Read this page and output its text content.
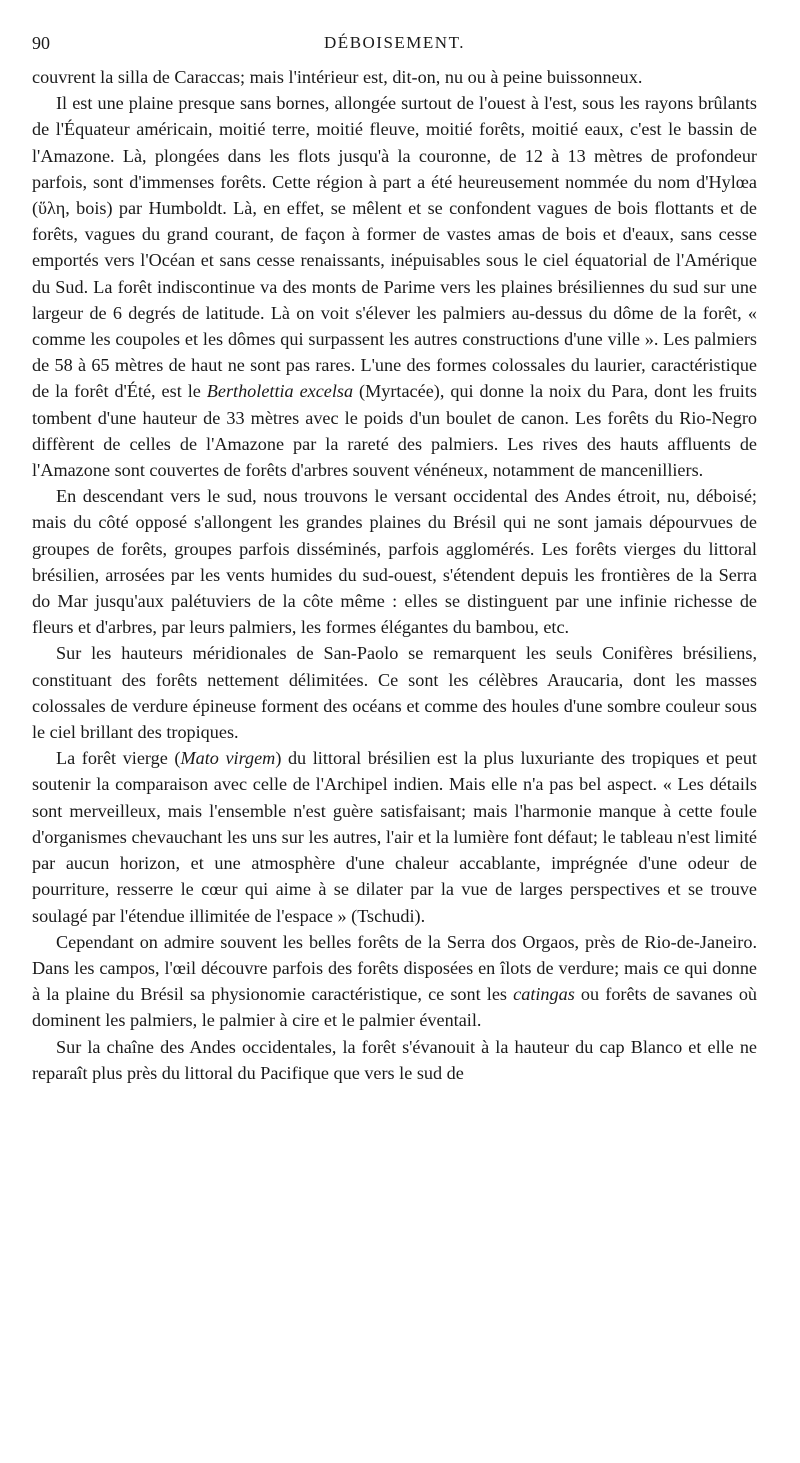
90	DÉBOISEMENT.

couvrent la silla de Caraccas; mais l'intérieur est, dit-on, nu ou à peine buissonneux.

Il est une plaine presque sans bornes, allongée surtout de l'ouest à l'est, sous les rayons brûlants de l'Équateur américain, moitié terre, moitié fleuve, moitié forêts, moitié eaux, c'est le bassin de l'Amazone. Là, plongées dans les flots jusqu'à la couronne, de 12 à 13 mètres de profondeur parfois, sont d'immenses forêts. Cette région à part a été heureusement nommée du nom d'Hylœa (ὕλη, bois) par Humboldt. Là, en effet, se mêlent et se confondent vagues de bois flottants et de forêts, vagues du grand courant, de façon à former de vastes amas de bois et d'eaux, sans cesse emportés vers l'Océan et sans cesse renaissants, inépuisables sous le ciel équatorial de l'Amérique du Sud. La forêt indiscontinue va des monts de Parime vers les plaines brésiliennes du sud sur une largeur de 6 degrés de latitude. Là on voit s'élever les palmiers au-dessus du dôme de la forêt, « comme les coupoles et les dômes qui surpassent les autres constructions d'une ville ». Les palmiers de 58 à 65 mètres de haut ne sont pas rares. L'une des formes colossales du laurier, caractéristique de la forêt d'Été, est le Bertholettia excelsa (Myrtacée), qui donne la noix du Para, dont les fruits tombent d'une hauteur de 33 mètres avec le poids d'un boulet de canon. Les forêts du Rio-Negro diffèrent de celles de l'Amazone par la rareté des palmiers. Les rives des hauts affluents de l'Amazone sont couvertes de forêts d'arbres souvent vénéneux, notamment de mancenilliers.

En descendant vers le sud, nous trouvons le versant occidental des Andes étroit, nu, déboisé; mais du côté opposé s'allongent les grandes plaines du Brésil qui ne sont jamais dépourvues de groupes de forêts, groupes parfois disséminés, parfois agglomérés. Les forêts vierges du littoral brésilien, arrosées par les vents humides du sud-ouest, s'étendent depuis les frontières de la Serra do Mar jusqu'aux palétuviers de la côte même : elles se distinguent par une infinie richesse de fleurs et d'arbres, par leurs palmiers, les formes élégantes du bambou, etc.

Sur les hauteurs méridionales de San-Paolo se remarquent les seuls Conifères brésiliens, constituant des forêts nettement délimitées. Ce sont les célèbres Araucaria, dont les masses colossales de verdure épineuse forment des océans et comme des houles d'une sombre couleur sous le ciel brillant des tropiques.

La forêt vierge (Mato virgem) du littoral brésilien est la plus luxuriante des tropiques et peut soutenir la comparaison avec celle de l'Archipel indien. Mais elle n'a pas bel aspect. « Les détails sont merveilleux, mais l'ensemble n'est guère satisfaisant; mais l'harmonie manque à cette foule d'organismes chevauchant les uns sur les autres, l'air et la lumière font défaut; le tableau n'est limité par aucun horizon, et une atmosphère d'une chaleur accablante, imprégnée d'une odeur de pourriture, resserre le cœur qui aime à se dilater par la vue de larges perspectives et se trouve soulagé par l'étendue illimitée de l'espace » (Tschudi).

Cependant on admire souvent les belles forêts de la Serra dos Orgaos, près de Rio-de-Janeiro. Dans les campos, l'œil découvre parfois des forêts disposées en îlots de verdure; mais ce qui donne à la plaine du Brésil sa physionomie caractéristique, ce sont les catingas ou forêts de savanes où dominent les palmiers, le palmier à cire et le palmier éventail.

Sur la chaîne des Andes occidentales, la forêt s'évanouit à la hauteur du cap Blanco et elle ne reparaît plus près du littoral du Pacifique que vers le sud de
